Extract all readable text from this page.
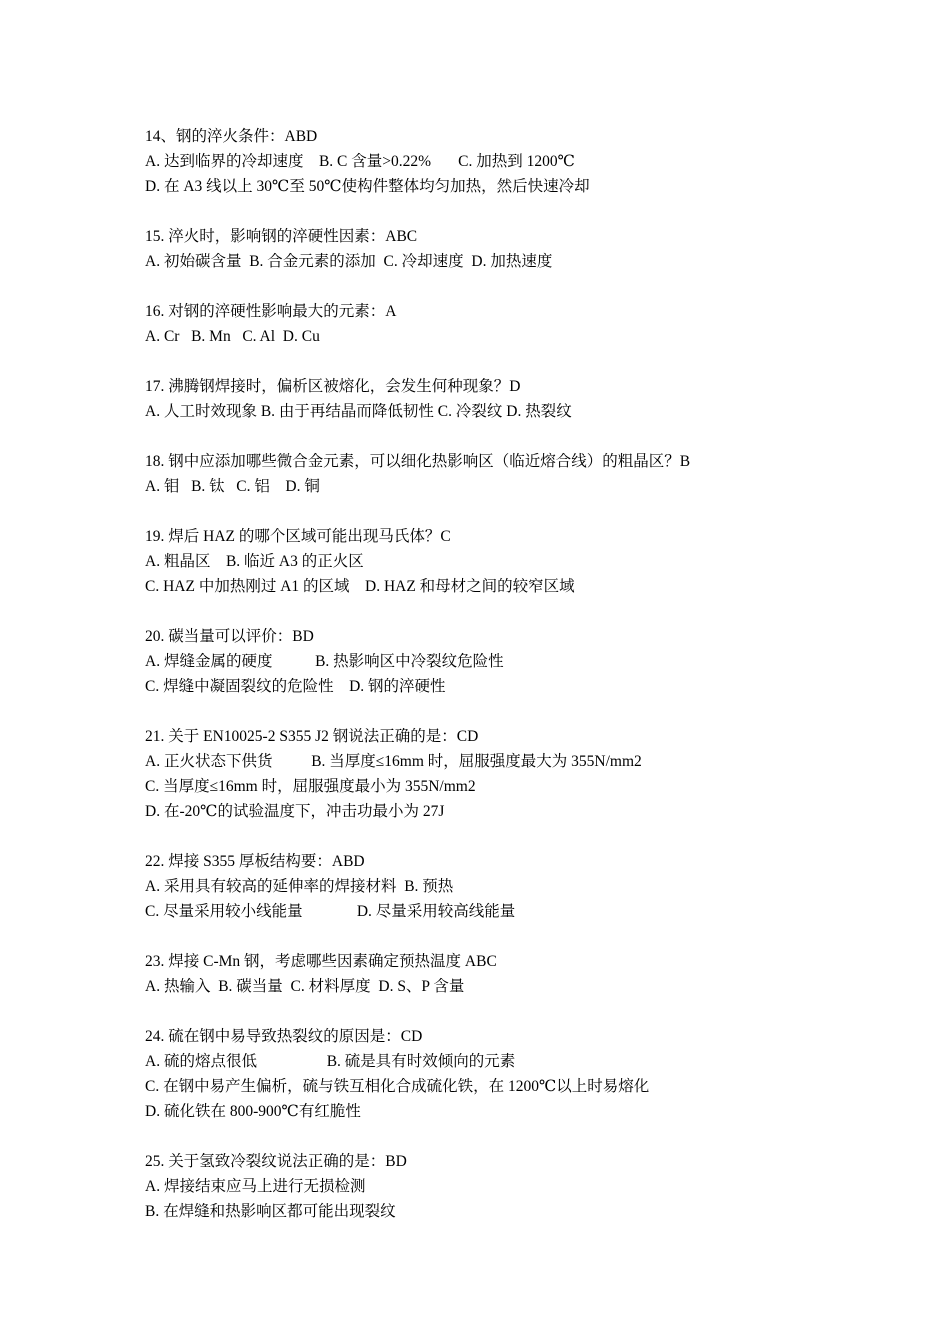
14、钢的淬火条件：ABD
A. 达到临界的冷却速度    B. C 含量>0.22%       C. 加热到 1200℃
D. 在 A3 线以上 30℃至 50℃使构件整体均匀加热，然后快速冷却
15. 淬火时，影响钢的淬硬性因素：ABC
A. 初始碳含量  B. 合金元素的添加  C. 冷却速度  D. 加热速度
16. 对钢的淬硬性影响最大的元素：A
A. Cr   B. Mn   C. Al  D. Cu
17. 沸腾钢焊接时，偏析区被熔化，会发生何种现象？D
A. 人工时效现象 B. 由于再结晶而降低韧性 C. 冷裂纹 D. 热裂纹
18. 钢中应添加哪些微合金元素，可以细化热影响区（临近熔合线）的粗晶区？B
A. 钼   B. 钛   C. 铝    D. 铜
19. 焊后 HAZ 的哪个区域可能出现马氏体？C
A. 粗晶区    B. 临近 A3 的正火区
C. HAZ 中加热刚过 A1 的区域    D. HAZ 和母材之间的较窄区域
20. 碳当量可以评价：BD
A. 焊缝金属的硬度           B. 热影响区中冷裂纹危险性
C. 焊缝中凝固裂纹的危险性    D. 钢的淬硬性
21. 关于 EN10025-2 S355 J2 钢说法正确的是：CD
A. 正火状态下供货          B. 当厚度≤16mm 时，屈服强度最大为 355N/mm2
C. 当厚度≤16mm 时，屈服强度最小为 355N/mm2
D. 在-20℃的试验温度下，冲击功最小为 27J
22. 焊接 S355 厚板结构要：ABD
A. 采用具有较高的延伸率的焊接材料  B. 预热
C. 尽量采用较小线能量              D. 尽量采用较高线能量
23. 焊接 C-Mn 钢，考虑哪些因素确定预热温度 ABC
A. 热输入  B. 碳当量  C. 材料厚度  D. S、P 含量
24. 硫在钢中易导致热裂纹的原因是：CD
A. 硫的熔点很低                  B. 硫是具有时效倾向的元素
C. 在钢中易产生偏析，硫与铁互相化合成硫化铁，在 1200℃以上时易熔化
D. 硫化铁在 800-900℃有红脆性
25. 关于氢致冷裂纹说法正确的是：BD
A. 焊接结束应马上进行无损检测
B. 在焊缝和热影响区都可能出现裂纹
